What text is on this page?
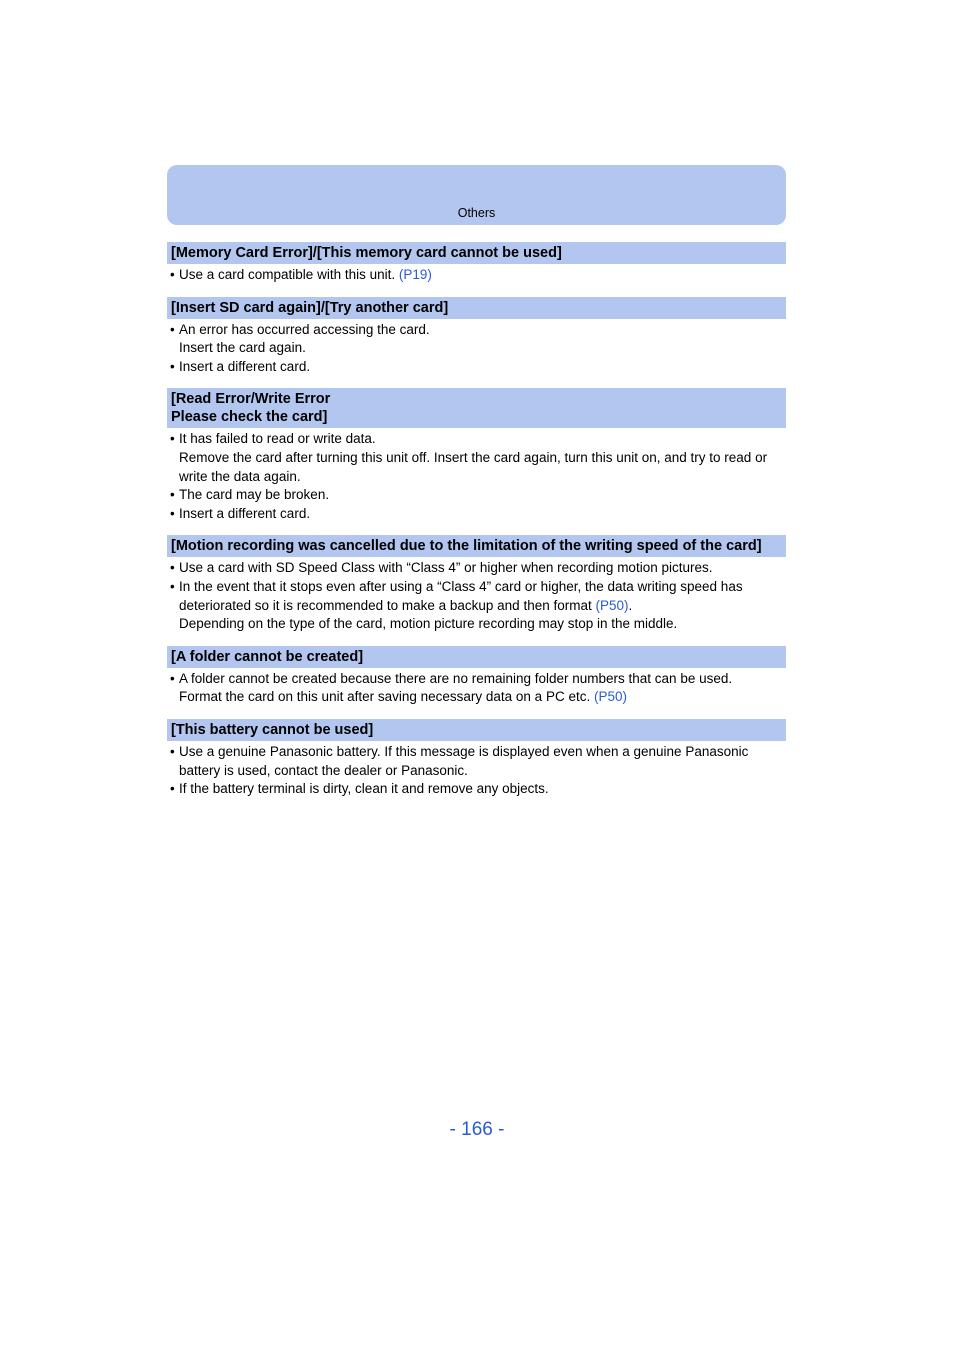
Others
[Memory Card Error]/[This memory card cannot be used]
• Use a card compatible with this unit. (P19)
[Insert SD card again]/[Try another card]
• An error has occurred accessing the card.
Insert the card again.
• Insert a different card.
[Read Error/Write Error
Please check the card]
• It has failed to read or write data.
Remove the card after turning this unit off. Insert the card again, turn this unit on, and try to read or
write the data again.
• The card may be broken.
• Insert a different card.
[Motion recording was cancelled due to the limitation of the writing speed of the card]
• Use a card with SD Speed Class with “Class 4” or higher when recording motion pictures.
• In the event that it stops even after using a “Class 4” card or higher, the data writing speed has
deteriorated so it is recommended to make a backup and then format (P50).
Depending on the type of the card, motion picture recording may stop in the middle.
[A folder cannot be created]
• A folder cannot be created because there are no remaining folder numbers that can be used.
Format the card on this unit after saving necessary data on a PC etc. (P50)
[This battery cannot be used]
• Use a genuine Panasonic battery. If this message is displayed even when a genuine Panasonic
battery is used, contact the dealer or Panasonic.
• If the battery terminal is dirty, clean it and remove any objects.
- 166 -
